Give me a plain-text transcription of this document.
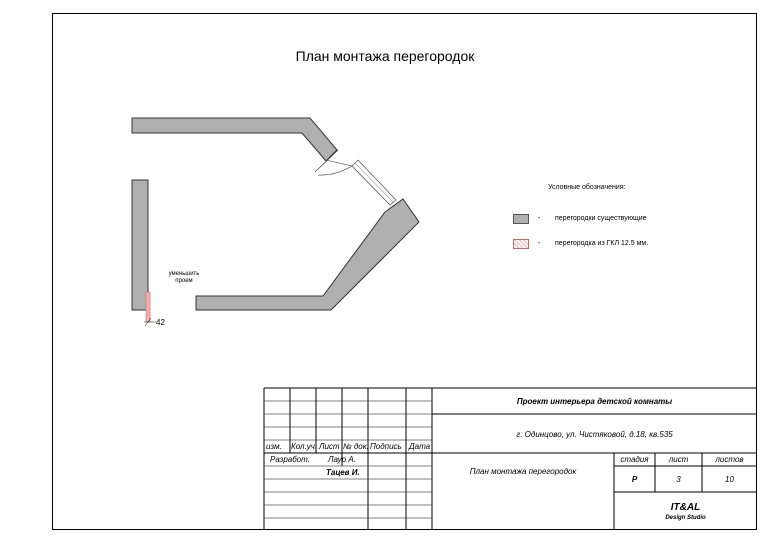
План монтажа перегородок
уменьшить проем
42
Условные обозначения:
- перегородки существующие
- перегородка из ГКЛ 12.5 мм.
изм. Кол.уч. Лист № док. Подпись Дата
Разработ. Лаур А.
Тацев И.
Проект интерьера детской комнаты
г. Одинцово, ул. Чистяковой, д.18, кв.535
План монтажа перегородок
стадия	лист	листов
Р	3	10
IT&AL
Design Studio
